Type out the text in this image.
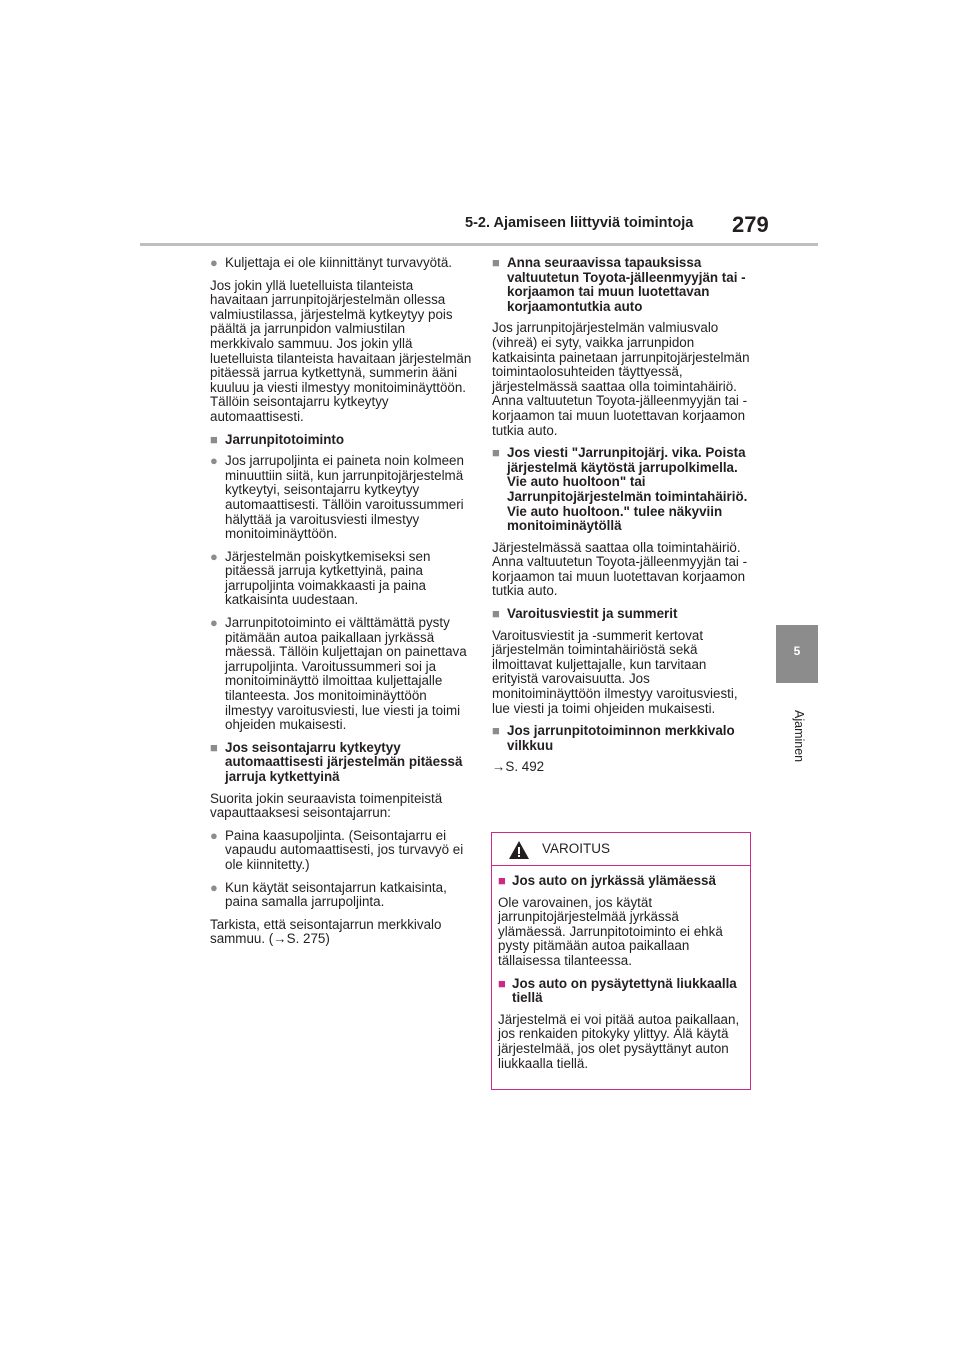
5-2. Ajamiseen liittyviä toimintoja 279
5
Ajaminen
● Kuljettaja ei ole kiinnittänyt turvavyötä.

Jos jokin yllä luetelluista tilanteista havaitaan jarrunpitojärjestelmän ollessa valmiustilassa, järjestelmä kytkeytyy pois päältä ja jarrunpidon valmiustilan merkkivalo sammuu. Jos jokin yllä luetelluista tilanteista havaitaan järjestelmän pitäessä jarrua kytkettynä, summerin ääni kuuluu ja viesti ilmestyy monitoiminäyttöön. Tällöin seisontajarru kytkeytyy automaattisesti.

■ Jarrunpitotoiminto
● Jos jarrupoljinta ei paineta noin kolmeen minuuttiin siitä, kun jarrunpitojärjestelmä kytkeytyi, seisontajarru kytkeytyy automaattisesti. Tällöin varoitussummeri hälyttää ja varoitusviesti ilmestyy monitoiminäyttöön.
● Järjestelmän poiskytkemiseksi sen pitäessä jarruja kytkettyinä, paina jarrupoljinta voimakkaasti ja paina katkaisinta uudestaan.
● Jarrunpitotoiminto ei välttämättä pysty pitämään autoa paikallaan jyrkässä mäessä. Tällöin kuljettajan on painettava jarrupoljinta. Varoitussummeri soi ja monitoiminäyttö ilmoittaa kuljettajalle tilanteesta. Jos monitoiminäyttöön ilmestyy varoitusviesti, lue viesti ja toimi ohjeiden mukaisesti.
■ Jos seisontajarru kytkeytyy automaattisesti järjestelmän pitäessä jarruja kytkettyinä

Suorita jokin seuraavista toimenpiteistä vapauttaaksesi seisontajarrun:

● Paina kaasupoljinta. (Seisontajarru ei vapaudu automaattisesti, jos turvavyö ei ole kiinnitetty.)
● Kun käytät seisontajarrun katkaisinta, paina samalla jarrupoljinta.

Tarkista, että seisontajarrun merkkivalo sammuu. (→S. 275)

■ Anna seuraavissa tapauksissa valtuutetun Toyota-jälleenmyyjän tai -korjaamon tai muun luotettavan korjaamontutkia auto

Jos jarrunpitojärjestelmän valmiusvalo (vihreä) ei syty, vaikka jarrunpidon katkaisinta painetaan jarrunpitojärjestelmän toimintaolosuhteiden täyttyessä, järjestelmässä saattaa olla toimintahäiriö. Anna valtuutetun Toyota-jälleenmyyjän tai -korjaamon tai muun luotettavan korjaamon tutkia auto.

■ Jos viesti "Jarrunpitojärj. vika. Poista järjestelmä käytöstä jarrupolkimella. Vie auto huoltoon" tai Jarrunpitojärjestelmän toimintahäiriö. Vie auto huoltoon." tulee näkyviin monitoiminäytöllä

Järjestelmässä saattaa olla toimintahäiriö. Anna valtuutetun Toyota-jälleenmyyjän tai -korjaamon tai muun luotettavan korjaamon tutkia auto.

■ Varoitusviestit ja summerit

Varoitusviestit ja -summerit kertovat järjestelmän toimintahäiriöstä sekä ilmoittavat kuljettajalle, kun tarvitaan erityistä varovaisuutta. Jos monitoiminäyttöön ilmestyy varoitusviesti, lue viesti ja toimi ohjeiden mukaisesti.

■ Jos jarrunpitotoiminnon merkkivalo vilkkuu

→S. 492

VAROITUS
■ Jos auto on jyrkässä ylämäessä

Ole varovainen, jos käytät jarrunpitojärjestelmää jyrkässä ylämäessä. Jarrunpitotoiminto ei ehkä pysty pitämään autoa paikallaan tällaisessa tilanteessa.

■ Jos auto on pysäytettynä liukkaalla tiellä

Järjestelmä ei voi pitää autoa paikallaan, jos renkaiden pitokyky ylittyy. Älä käytä järjestelmää, jos olet pysäyttänyt auton liukkaalla tiellä.
